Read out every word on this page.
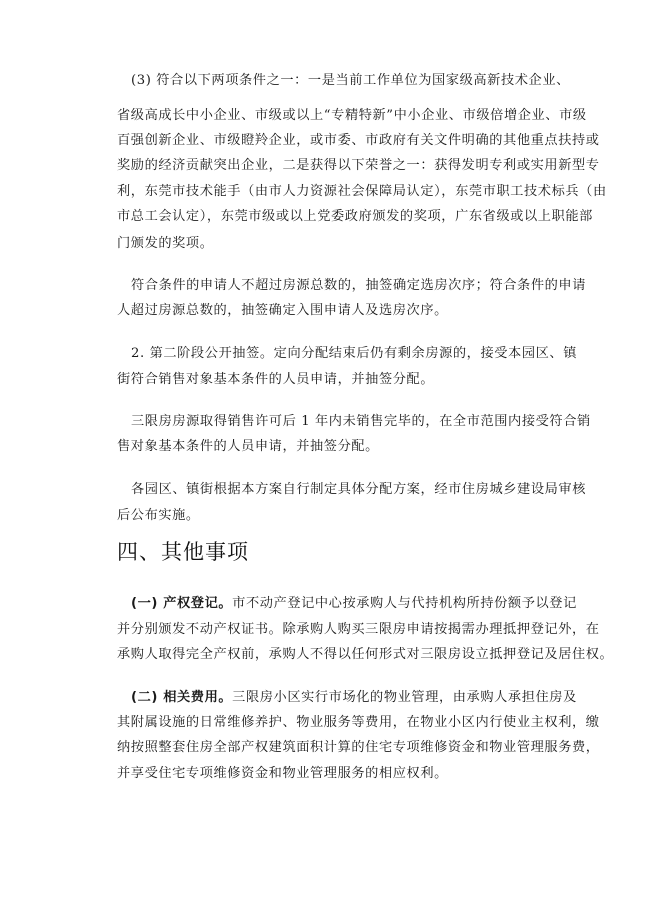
(3) 符合以下两项条件之一：一是当前工作单位为国家级高新技术企业、
省级高成长中小企业、市级或以上“专精特新”中小企业、市级倍增企业、市级
百强创新企业、市级瞪羚企业，或市委、市政府有关文件明确的其他重点扶持或
奖励的经济贡献突出企业，二是获得以下荣誉之一：获得发明专利或实用新型专
利，东莞市技术能手（由市人力资源社会保障局认定），东莞市职工技术标兵（由
市总工会认定），东莞市级或以上党委政府颁发的奖项，广东省级或以上职能部
门颁发的奖项。
符合条件的申请人不超过房源总数的，抽签确定选房次序；符合条件的申请
人超过房源总数的，抽签确定入围申请人及选房次序。
2. 第二阶段公开抽签。定向分配结束后仍有剩余房源的，接受本园区、镇
街符合销售对象基本条件的人员申请，并抽签分配。
三限房房源取得销售许可后 1 年内未销售完毕的，在全市范围内接受符合销
售对象基本条件的人员申请，并抽签分配。
各园区、镇街根据本方案自行制定具体分配方案，经市住房城乡建设局审核
后公布实施。
四、其他事项
(一) 产权登记。市不动产登记中心按承购人与代持机构所持份额予以登记
并分别颁发不动产权证书。除承购人购买三限房申请按揭需办理抵押登记外，在
承购人取得完全产权前，承购人不得以任何形式对三限房设立抵押登记及居住权。
(二) 相关费用。三限房小区实行市场化的物业管理，由承购人承担住房及
其附属设施的日常维修养护、物业服务等费用，在物业小区内行使业主权利，缴
纳按照整套住房全部产权建筑面积计算的住宅专项维修资金和物业管理服务费，
并享受住宅专项维修资金和物业管理服务的相应权利。
